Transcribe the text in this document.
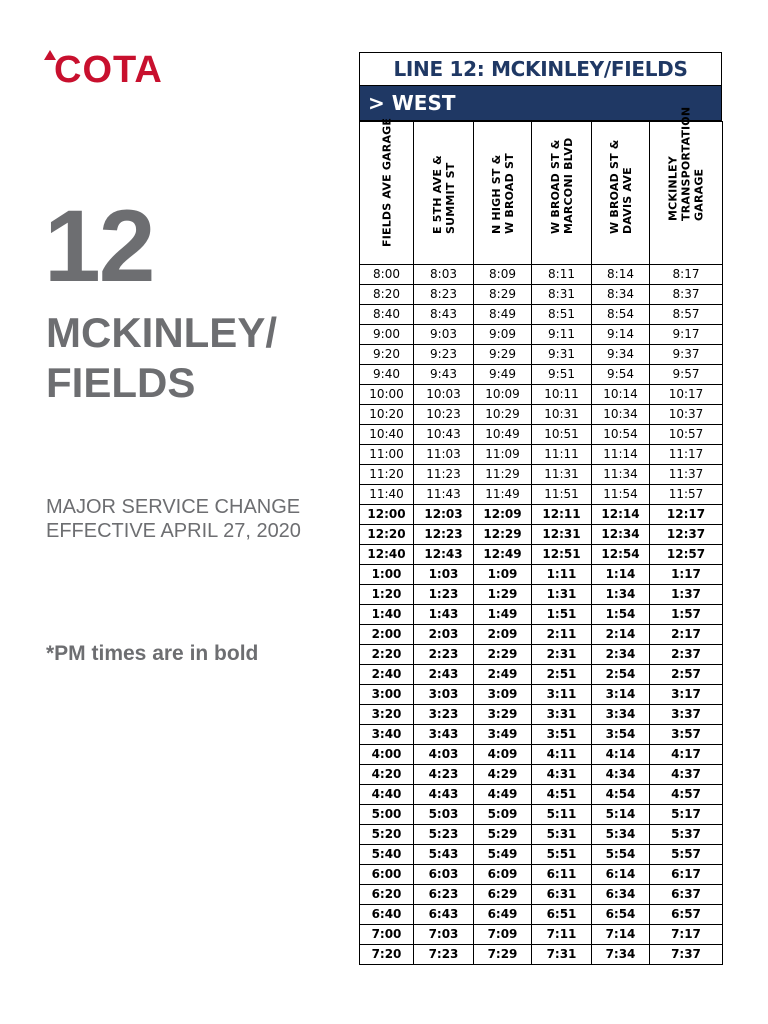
COTA
12
MCKINLEY/
FIELDS
MAJOR SERVICE CHANGE
EFFECTIVE APRIL 27, 2020
*PM times are in bold
LINE 12: MCKINLEY/FIELDS
> WEST
FIELDS AVE GARAGE	E 5TH AVE & SUMMIT ST	N HIGH ST & W BROAD ST	W BROAD ST & MARCONI BLVD	W BROAD ST & DAVIS AVE	MCKINLEY TRANSPORTATION GARAGE

8:00	8:03	8:09	8:11	8:14	8:17
8:20	8:23	8:29	8:31	8:34	8:37
8:40	8:43	8:49	8:51	8:54	8:57
9:00	9:03	9:09	9:11	9:14	9:17
9:20	9:23	9:29	9:31	9:34	9:37
9:40	9:43	9:49	9:51	9:54	9:57
10:00	10:03	10:09	10:11	10:14	10:17
10:20	10:23	10:29	10:31	10:34	10:37
10:40	10:43	10:49	10:51	10:54	10:57
11:00	11:03	11:09	11:11	11:14	11:17
11:20	11:23	11:29	11:31	11:34	11:37
11:40	11:43	11:49	11:51	11:54	11:57
12:00	12:03	12:09	12:11	12:14	12:17
12:20	12:23	12:29	12:31	12:34	12:37
12:40	12:43	12:49	12:51	12:54	12:57
1:00	1:03	1:09	1:11	1:14	1:17
1:20	1:23	1:29	1:31	1:34	1:37
1:40	1:43	1:49	1:51	1:54	1:57
2:00	2:03	2:09	2:11	2:14	2:17
2:20	2:23	2:29	2:31	2:34	2:37
2:40	2:43	2:49	2:51	2:54	2:57
3:00	3:03	3:09	3:11	3:14	3:17
3:20	3:23	3:29	3:31	3:34	3:37
3:40	3:43	3:49	3:51	3:54	3:57
4:00	4:03	4:09	4:11	4:14	4:17
4:20	4:23	4:29	4:31	4:34	4:37
4:40	4:43	4:49	4:51	4:54	4:57
5:00	5:03	5:09	5:11	5:14	5:17
5:20	5:23	5:29	5:31	5:34	5:37
5:40	5:43	5:49	5:51	5:54	5:57
6:00	6:03	6:09	6:11	6:14	6:17
6:20	6:23	6:29	6:31	6:34	6:37
6:40	6:43	6:49	6:51	6:54	6:57
7:00	7:03	7:09	7:11	7:14	7:17
7:20	7:23	7:29	7:31	7:34	7:37
